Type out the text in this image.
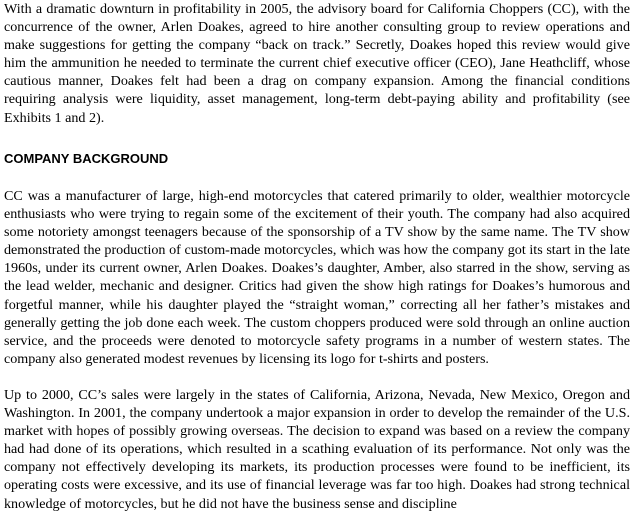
With a dramatic downturn in profitability in 2005, the advisory board for California Choppers (CC), with the concurrence of the owner, Arlen Doakes, agreed to hire another consulting group to review operations and make suggestions for getting the company “back on track.” Secretly, Doakes hoped this review would give him the ammunition he needed to terminate the current chief executive officer (CEO), Jane Heathcliff, whose cautious manner, Doakes felt had been a drag on company expansion. Among the financial conditions requiring analysis were liquidity, asset management, long-term debt-paying ability and profitability (see Exhibits 1 and 2).

COMPANY BACKGROUND

CC was a manufacturer of large, high-end motorcycles that catered primarily to older, wealthier motorcycle enthusiasts who were trying to regain some of the excitement of their youth. The company had also acquired some notoriety amongst teenagers because of the sponsorship of a TV show by the same name. The TV show demonstrated the production of custom-made motorcycles, which was how the company got its start in the late 1960s, under its current owner, Arlen Doakes. Doakes’s daughter, Amber, also starred in the show, serving as the lead welder, mechanic and designer. Critics had given the show high ratings for Doakes’s humorous and forgetful manner, while his daughter played the “straight woman,” correcting all her father’s mistakes and generally getting the job done each week. The custom choppers produced were sold through an online auction service, and the proceeds were denoted to motorcycle safety programs in a number of western states. The company also generated modest revenues by licensing its logo for t-shirts and posters.

Up to 2000, CC’s sales were largely in the states of California, Arizona, Nevada, New Mexico, Oregon and Washington. In 2001, the company undertook a major expansion in order to develop the remainder of the U.S. market with hopes of possibly growing overseas. The decision to expand was based on a review the company had had done of its operations, which resulted in a scathing evaluation of its performance. Not only was the company not effectively developing its markets, its production processes were found to be inefficient, its operating costs were excessive, and its use of financial leverage was far too high. Doakes had strong technical knowledge of motorcycles, but he did not have the business sense and discipline
